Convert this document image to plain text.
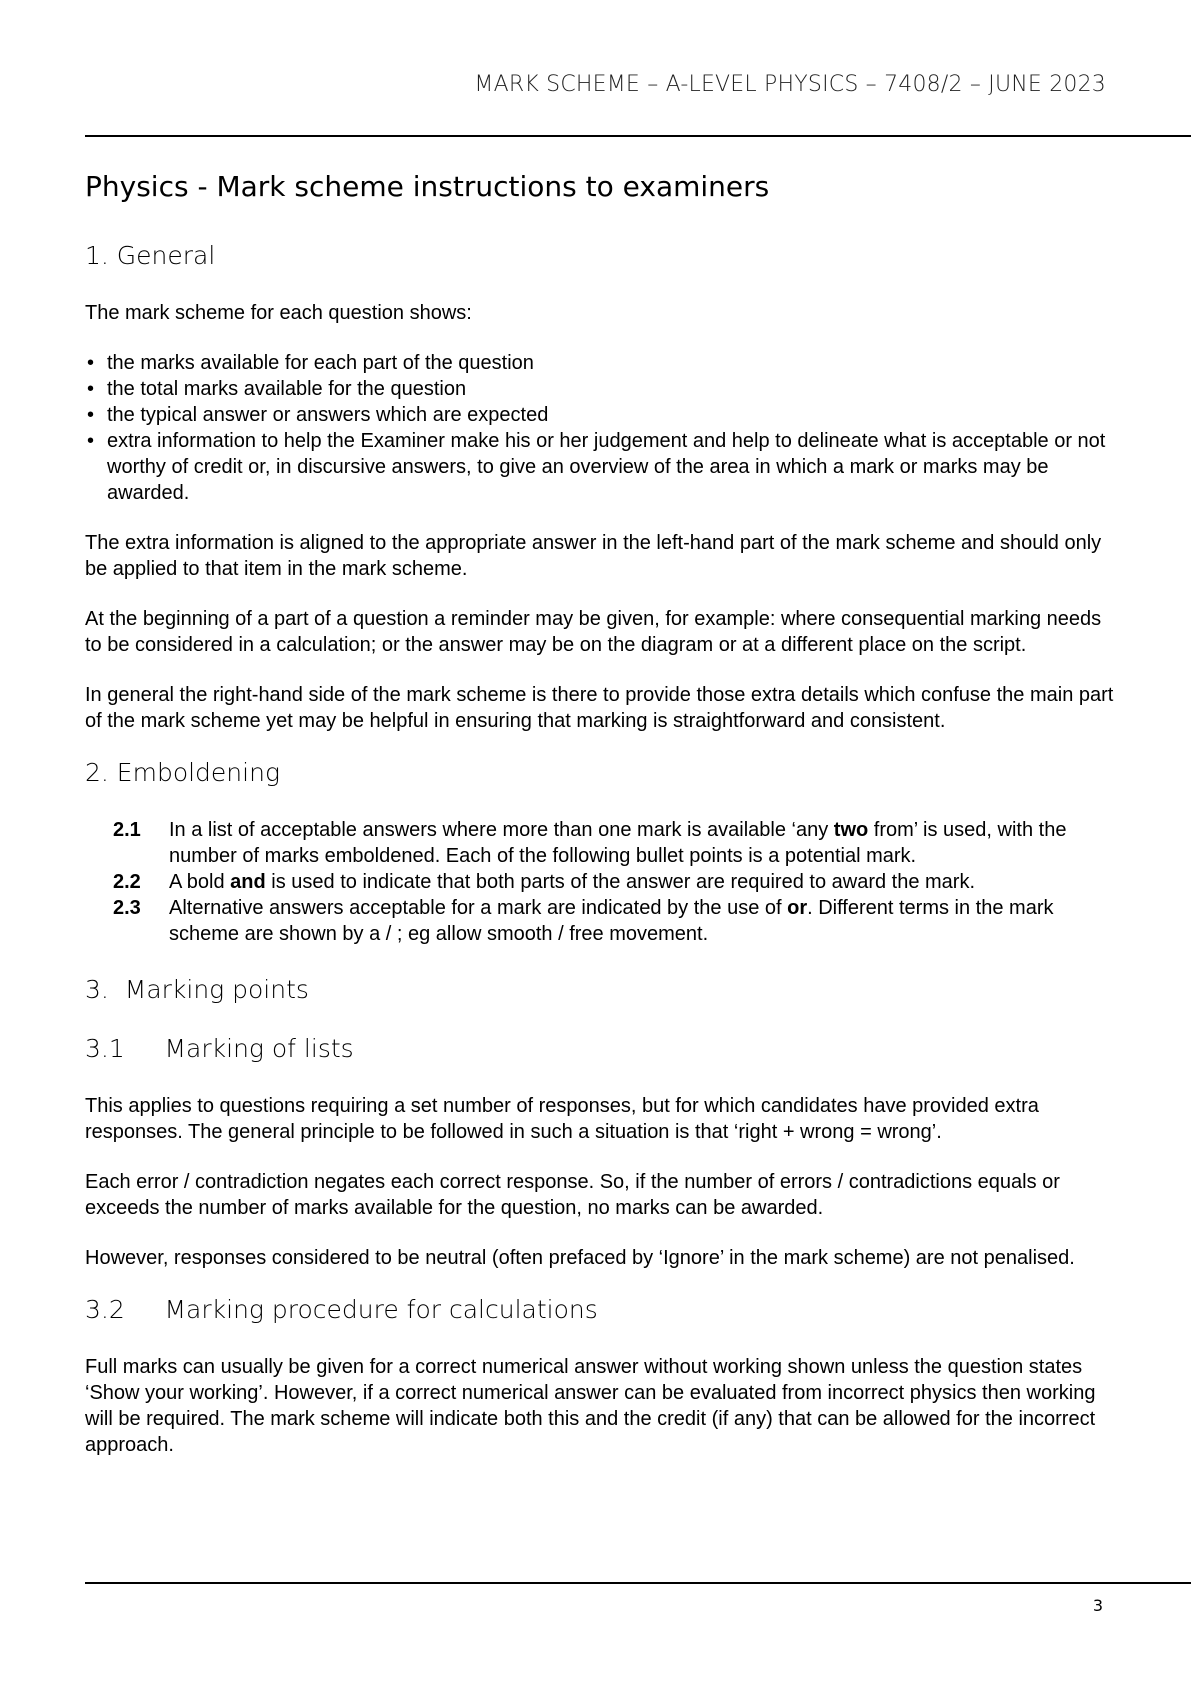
MARK SCHEME – A-LEVEL PHYSICS – 7408/2 – JUNE 2023
Physics - Mark scheme instructions to examiners
1. General

The mark scheme for each question shows:

• the marks available for each part of the question
• the total marks available for the question
• the typical answer or answers which are expected
• extra information to help the Examiner make his or her judgement and help to delineate what is acceptable or not worthy of credit or, in discursive answers, to give an overview of the area in which a mark or marks may be awarded.

The extra information is aligned to the appropriate answer in the left-hand part of the mark scheme and should only be applied to that item in the mark scheme.

At the beginning of a part of a question a reminder may be given, for example: where consequential marking needs to be considered in a calculation; or the answer may be on the diagram or at a different place on the script.

In general the right-hand side of the mark scheme is there to provide those extra details which confuse the main part of the mark scheme yet may be helpful in ensuring that marking is straightforward and consistent.

2. Emboldening
2.1	In a list of acceptable answers where more than one mark is available ‘any two from’ is used, with the number of marks emboldened. Each of the following bullet points is a potential mark.
2.2	A bold and is used to indicate that both parts of the answer are required to award the mark.
2.3	Alternative answers acceptable for a mark are indicated by the use of or. Different terms in the mark scheme are shown by a / ; eg allow smooth / free movement.
3.  Marking points
3.1     Marking of lists

This applies to questions requiring a set number of responses, but for which candidates have provided extra responses. The general principle to be followed in such a situation is that ‘right + wrong = wrong’.

Each error / contradiction negates each correct response. So, if the number of errors / contradictions equals or exceeds the number of marks available for the question, no marks can be awarded.

However, responses considered to be neutral (often prefaced by ‘Ignore’ in the mark scheme) are not penalised.

3.2     Marking procedure for calculations

Full marks can usually be given for a correct numerical answer without working shown unless the question states ‘Show your working’. However, if a correct numerical answer can be evaluated from incorrect physics then working will be required. The mark scheme will indicate both this and the credit (if any) that can be allowed for the incorrect approach.

3
